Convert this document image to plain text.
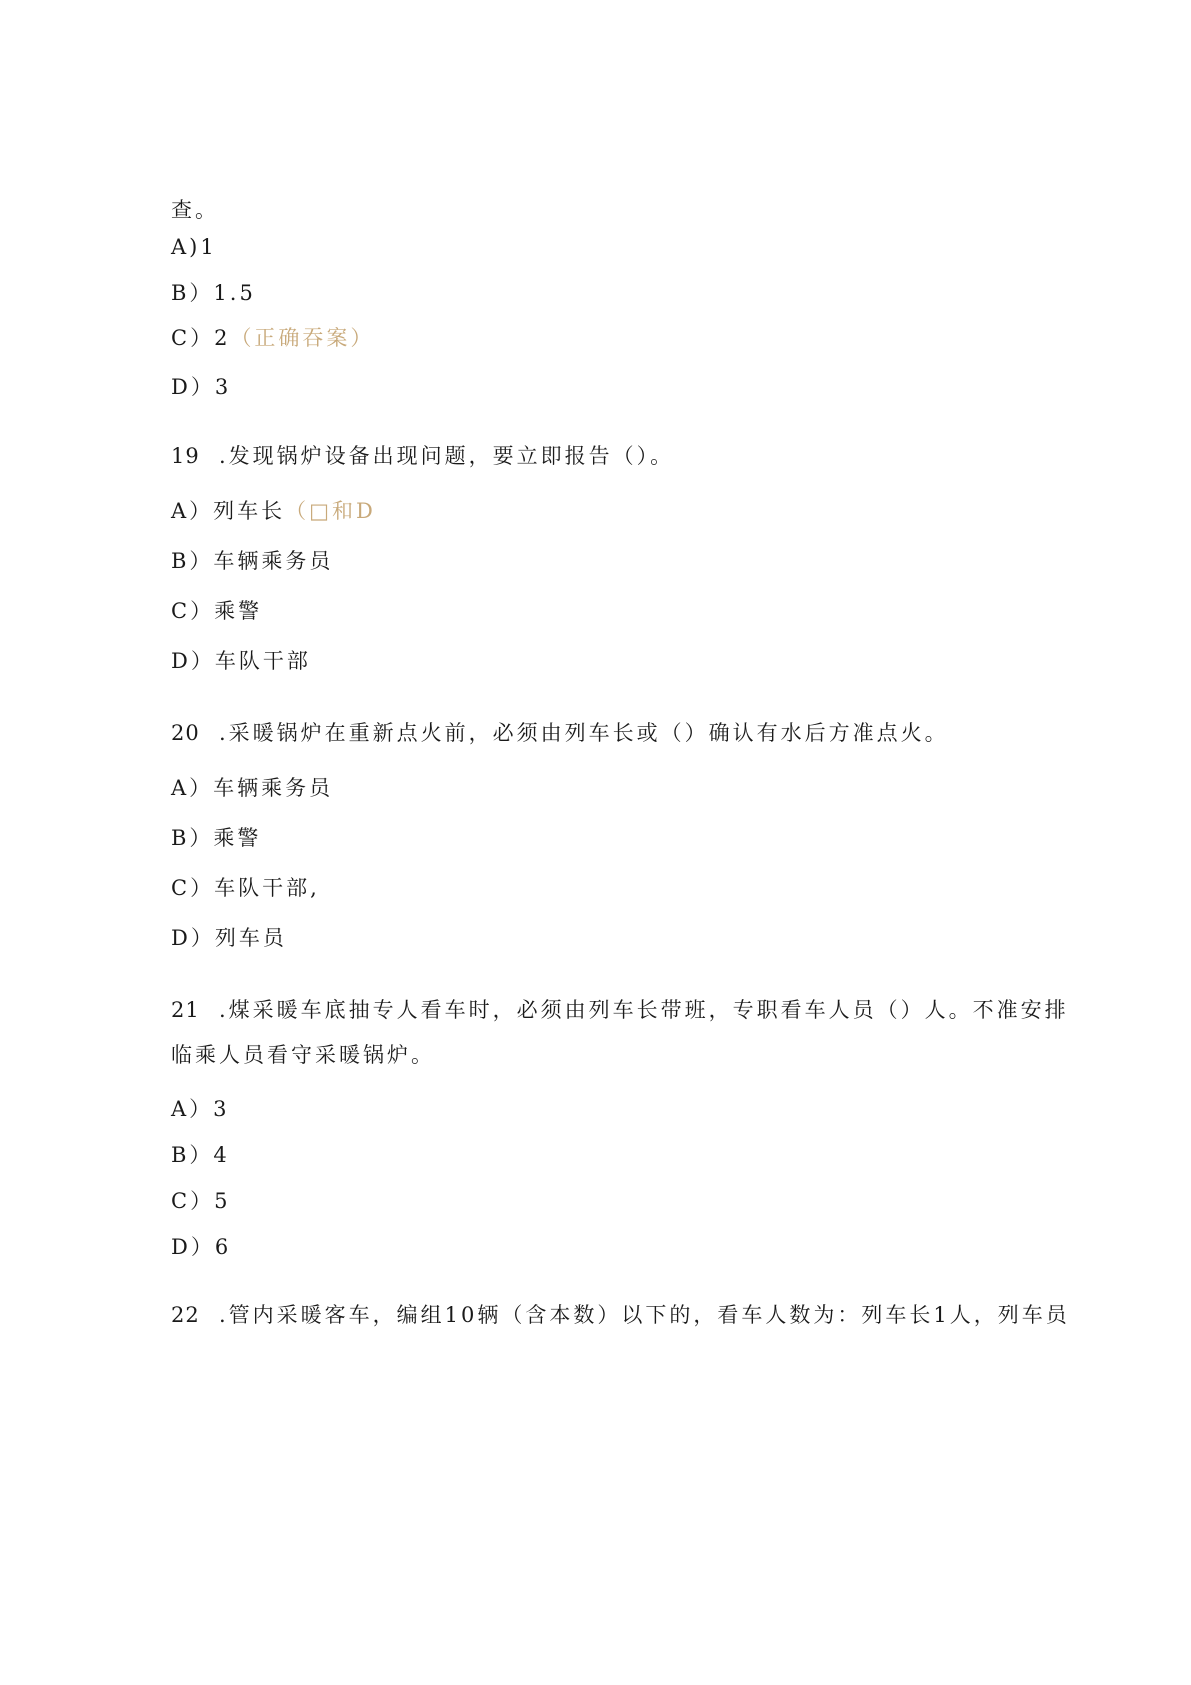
查。
A)1
B）1.5
C）2（正确吞案）
D）3
19 .发现锅炉设备出现问题，要立即报告（）。
A）列车长（□和D
B）车辆乘务员
C）乘警
D）车队干部
20 .采暖锅炉在重新点火前，必须由列车长或（）确认有水后方准点火。
A）车辆乘务员
B）乘警
C）车队干部,
D）列车员
21 .煤采暖车底抽专人看车时，必须由列车长带班，专职看车人员（）人。不准安排
临乘人员看守采暖锅炉。
A）3
B）4
C）5
D）6
22 .管内采暖客车，编组10辆（含本数）以下的，看车人数为：列车长1人，列车员
